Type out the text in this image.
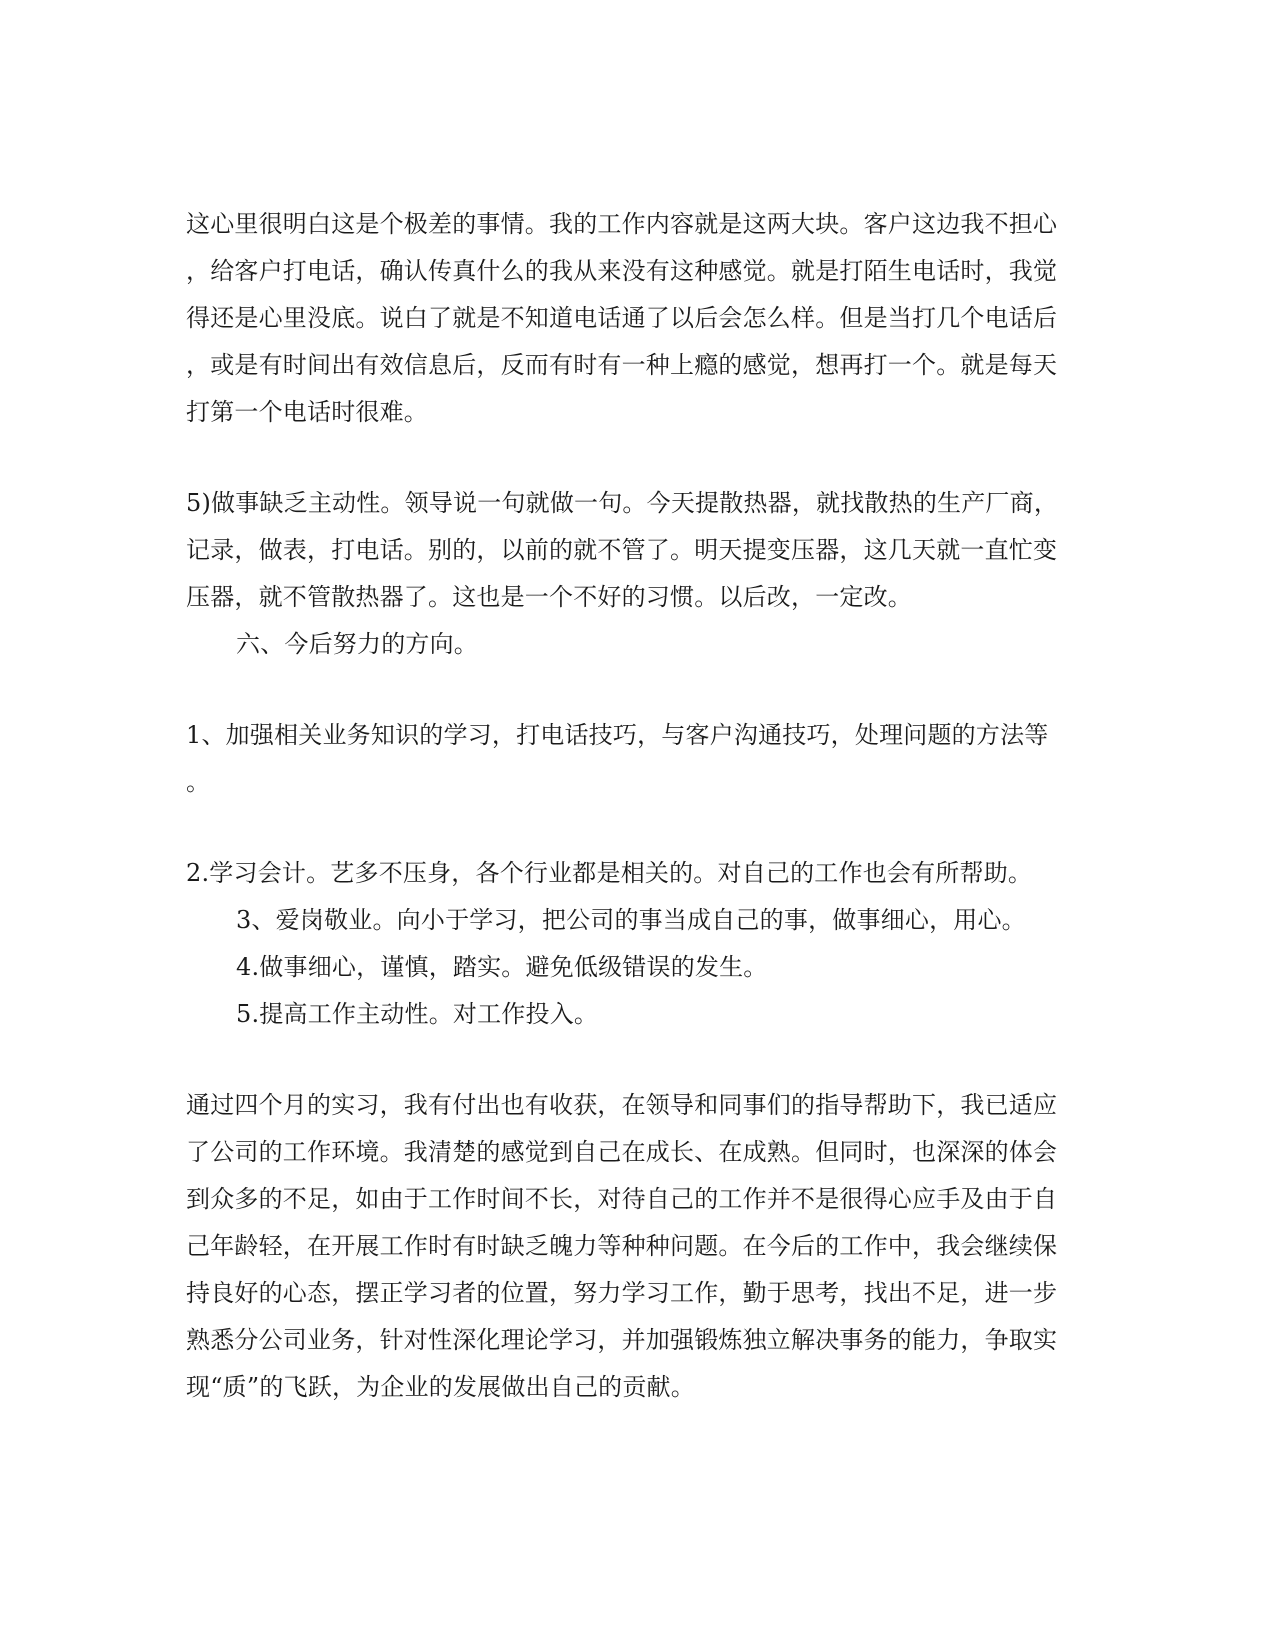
这心里很明白这是个极差的事情。我的工作内容就是这两大块。客户这边我不担心
，给客户打电话，确认传真什么的我从来没有这种感觉。就是打陌生电话时，我觉
得还是心里没底。说白了就是不知道电话通了以后会怎么样。但是当打几个电话后
，或是有时间出有效信息后，反而有时有一种上瘾的感觉，想再打一个。就是每天
打第一个电话时很难。
5)做事缺乏主动性。领导说一句就做一句。今天提散热器，就找散热的生产厂商，
记录，做表，打电话。别的，以前的就不管了。明天提变压器，这几天就一直忙变
压器，就不管散热器了。这也是一个不好的习惯。以后改，一定改。
六、今后努力的方向。
1、加强相关业务知识的学习，打电话技巧，与客户沟通技巧，处理问题的方法等
。
2.学习会计。艺多不压身，各个行业都是相关的。对自己的工作也会有所帮助。
3、爱岗敬业。向小于学习，把公司的事当成自己的事，做事细心，用心。
4.做事细心，谨慎，踏实。避免低级错误的发生。
5.提高工作主动性。对工作投入。
通过四个月的实习，我有付出也有收获，在领导和同事们的指导帮助下，我已适应
了公司的工作环境。我清楚的感觉到自己在成长、在成熟。但同时，也深深的体会
到众多的不足，如由于工作时间不长，对待自己的工作并不是很得心应手及由于自
己年龄轻，在开展工作时有时缺乏魄力等种种问题。在今后的工作中，我会继续保
持良好的心态，摆正学习者的位置，努力学习工作，勤于思考，找出不足，进一步
熟悉分公司业务，针对性深化理论学习，并加强锻炼独立解决事务的能力，争取实
现“质”的飞跃，为企业的发展做出自己的贡献。
